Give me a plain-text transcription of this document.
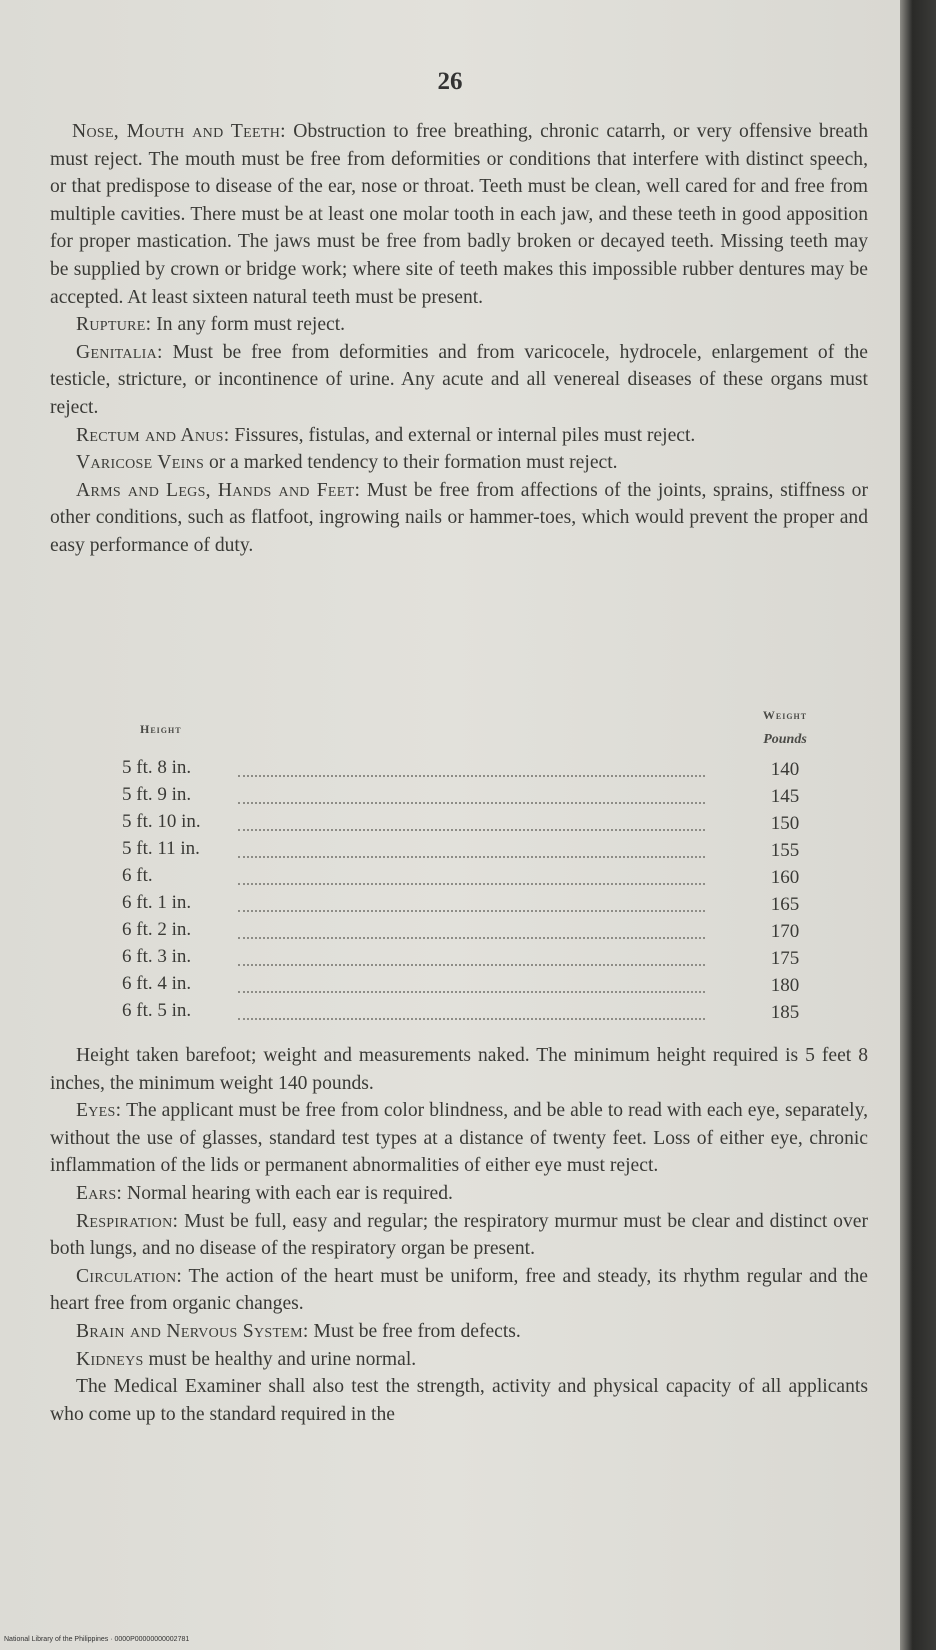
26

Nose, Mouth and Teeth: Obstruction to free breathing, chronic catarrh, or very offensive breath must reject. The mouth must be free from deformities or conditions that interfere with distinct speech, or that predispose to disease of the ear, nose or throat. Teeth must be clean, well cared for and free from multiple cavities. There must be at least one molar tooth in each jaw, and these teeth in good apposition for proper mastication. The jaws must be free from badly broken or decayed teeth. Missing teeth may be supplied by crown or bridge work; where site of teeth makes this impossible rubber dentures may be accepted. At least sixteen natural teeth must be present.

Rupture: In any form must reject.

Genitalia: Must be free from deformities and from varicocele, hydrocele, enlargement of the testicle, stricture, or incontinence of urine. Any acute and all venereal diseases of these organs must reject.

Rectum and Anus: Fissures, fistulas, and external or internal piles must reject.

Varicose Veins or a marked tendency to their formation must reject.

Arms and Legs, Hands and Feet: Must be free from affections of the joints, sprains, stiffness or other conditions, such as flatfoot, ingrowing nails or hammer-toes, which would prevent the proper and easy performance of duty.

Height
Weight
Pounds
5 ft. 8 in.	140
5 ft. 9 in.	145
5 ft. 10 in.	150
5 ft. 11 in.	155
6 ft.	160
6 ft. 1 in.	165
6 ft. 2 in.	170
6 ft. 3 in.	175
6 ft. 4 in.	180
6 ft. 5 in.	185

Height taken barefoot; weight and measurements naked. The minimum height required is 5 feet 8 inches, the minimum weight 140 pounds.

Eyes: The applicant must be free from color blindness, and be able to read with each eye, separately, without the use of glasses, standard test types at a distance of twenty feet. Loss of either eye, chronic inflammation of the lids or permanent abnormalities of either eye must reject.

Ears: Normal hearing with each ear is required.

Respiration: Must be full, easy and regular; the respiratory murmur must be clear and distinct over both lungs, and no disease of the respiratory organ be present.

Circulation: The action of the heart must be uniform, free and steady, its rhythm regular and the heart free from organic changes.

Brain and Nervous System: Must be free from defects.

Kidneys must be healthy and urine normal.

The Medical Examiner shall also test the strength, activity and physical capacity of all applicants who come up to the standard required in the

National Library of the Philippines · 0000P00000000002781
